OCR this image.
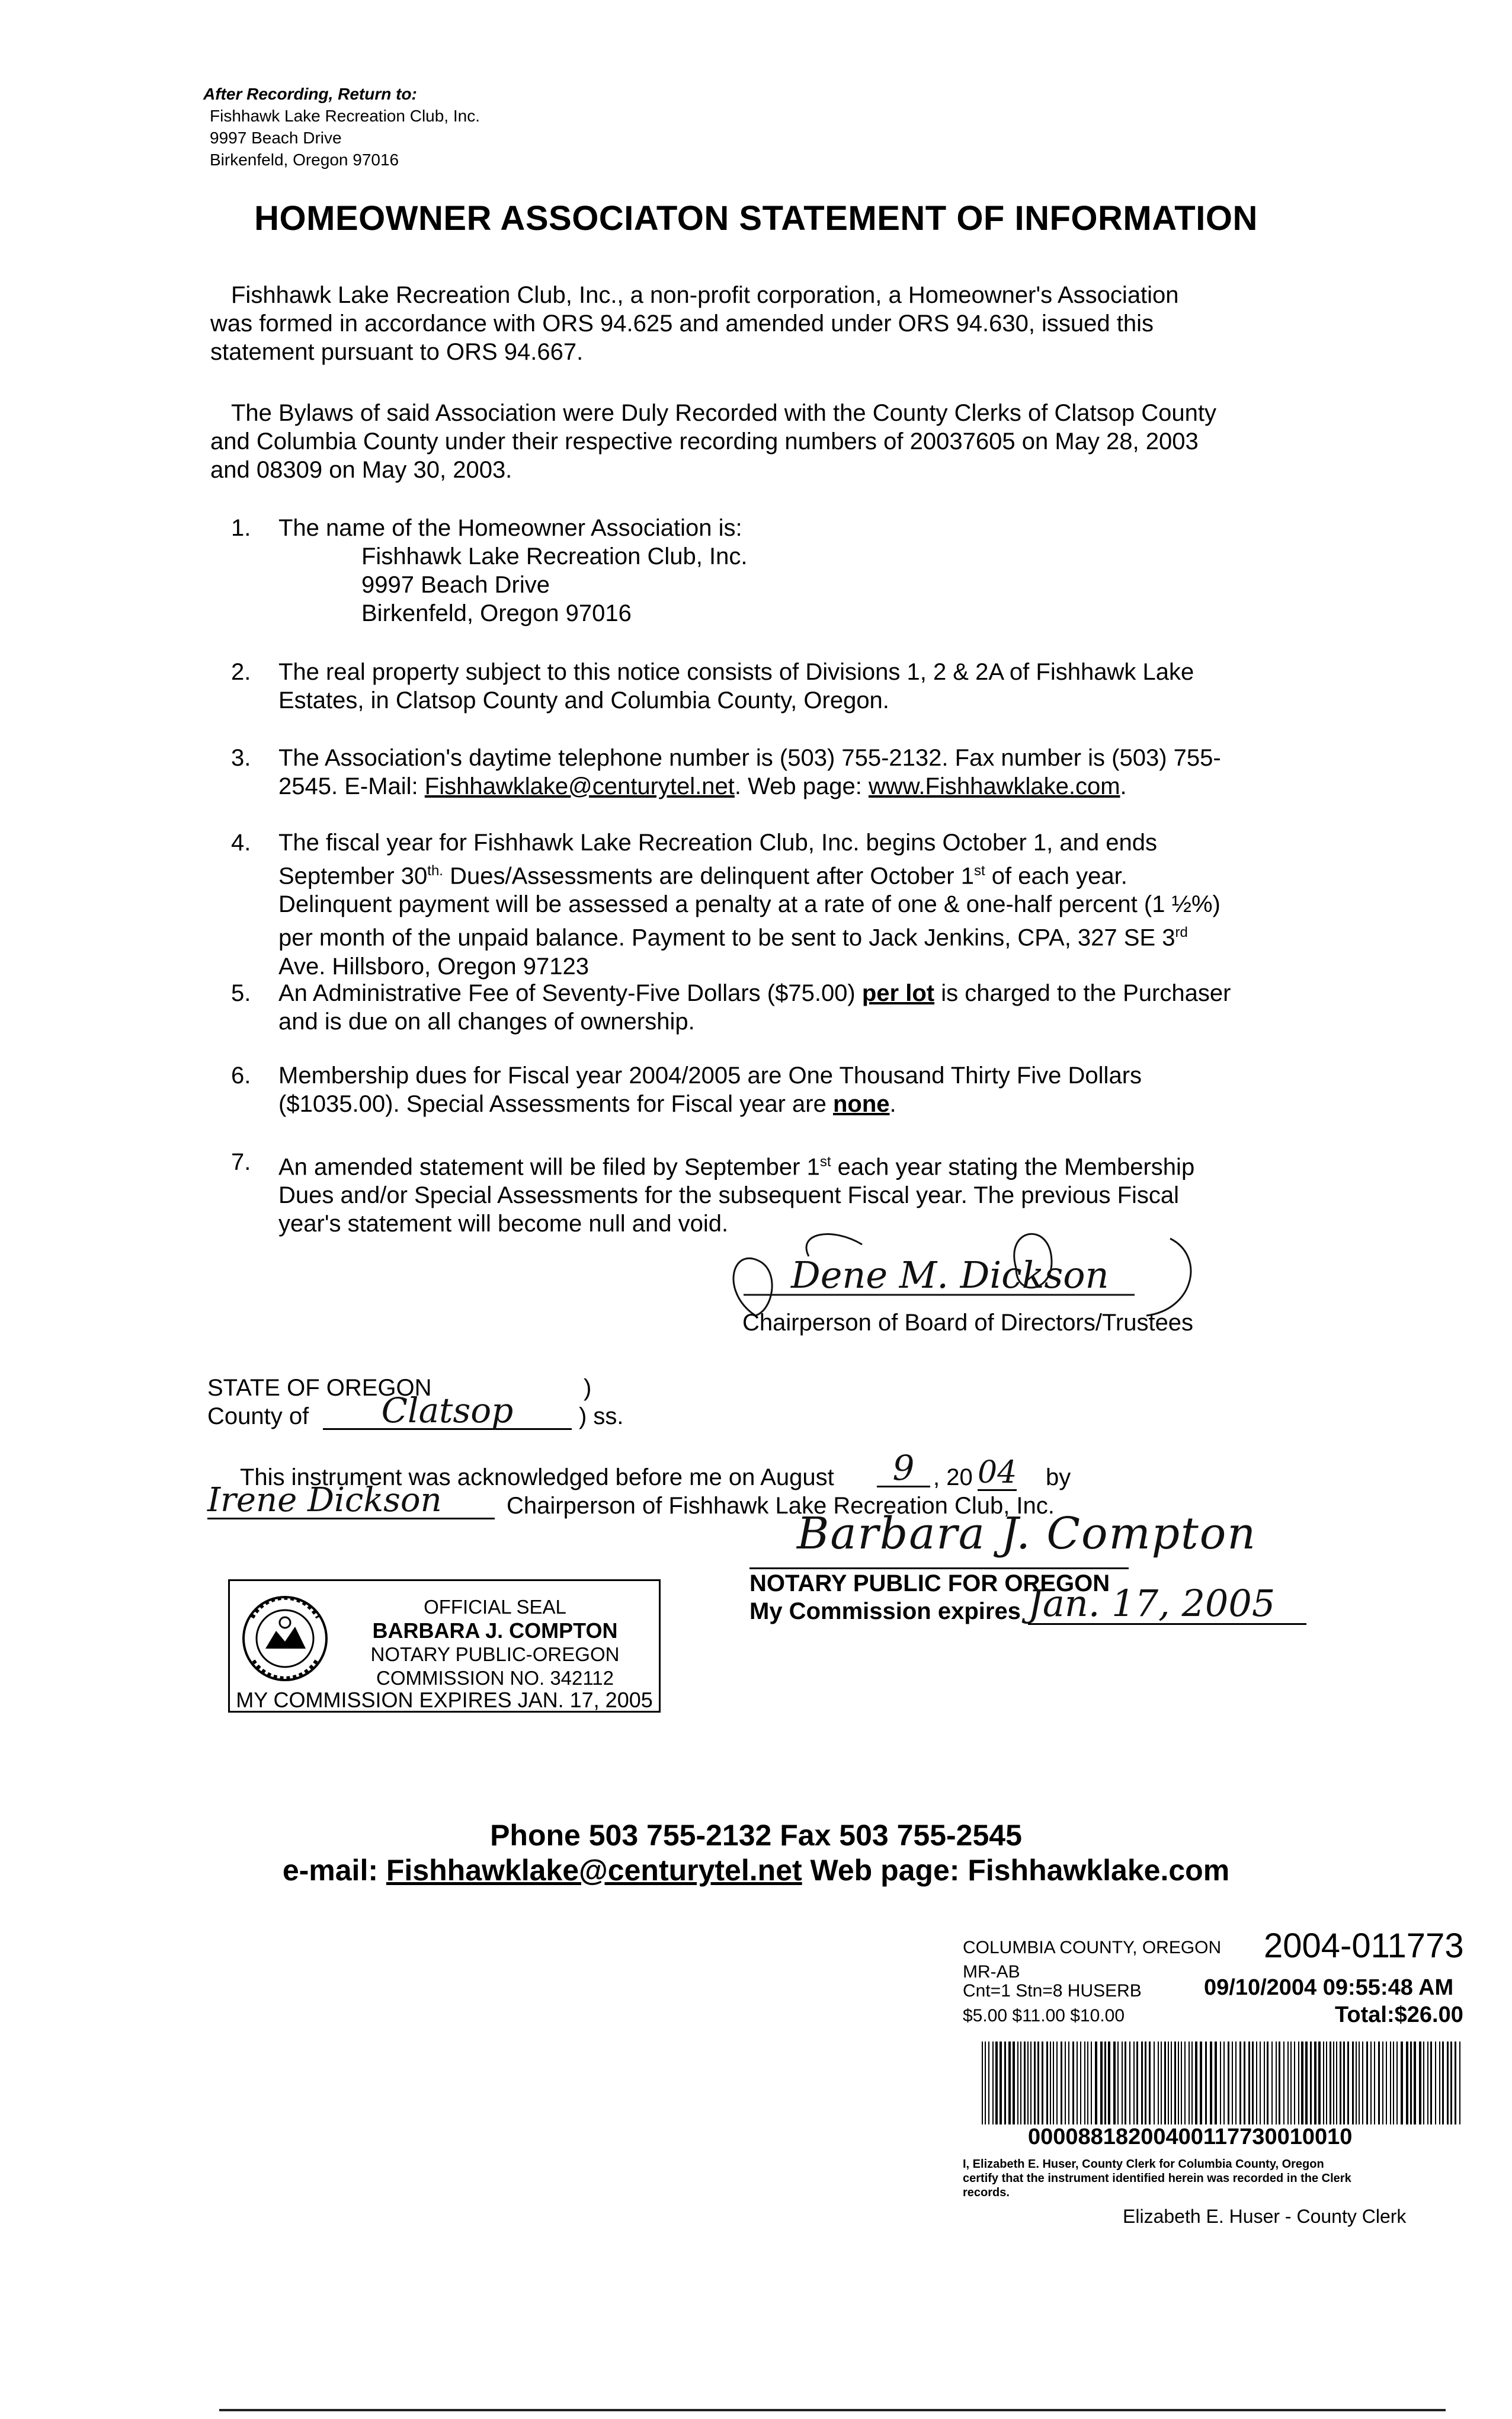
After Recording, Return to:
Fishhawk Lake Recreation Club, Inc.
9997 Beach Drive
Birkenfeld, Oregon 97016
HOMEOWNER ASSOCIATON STATEMENT OF INFORMATION
Fishhawk Lake Recreation Club, Inc., a non-profit corporation, a Homeowner's Association
was formed in accordance with ORS 94.625 and amended under ORS 94.630, issued this
statement pursuant to ORS 94.667.
The Bylaws of said Association were Duly Recorded with the County Clerks of Clatsop County
and Columbia County under their respective recording numbers of 20037605 on May 28, 2003
and 08309 on May 30, 2003.
1. The name of the Homeowner Association is:
Fishhawk Lake Recreation Club, Inc.
9997 Beach Drive
Birkenfeld, Oregon 97016
2. The real property subject to this notice consists of Divisions 1, 2 & 2A of Fishhawk Lake
Estates, in Clatsop County and Columbia County, Oregon.
3. The Association's daytime telephone number is (503) 755-2132. Fax number is (503) 755-
2545. E-Mail: Fishhawklake@centurytel.net. Web page: www.Fishhawklake.com.
4. The fiscal year for Fishhawk Lake Recreation Club, Inc. begins October 1, and ends
September $30^{th.}$ Dues/Assessments are delinquent after October 1st of each year.
Delinquent payment will be assessed a penalty at a rate of one & one-half percent (1 ½%)
per month of the unpaid balance. Payment to be sent to Jack Jenkins, CPA, 327 SE 3rd
Ave. Hillsboro, Oregon 97123
5. An Administrative Fee of Seventy-Five Dollars ($75.00) per lot is charged to the Purchaser
and is due on all changes of ownership.
6. Membership dues for Fiscal year 2004/2005 are One Thousand Thirty Five Dollars
($1035.00). Special Assessments for Fiscal year are none.
7. An amended statement will be filed by September 1st each year stating the Membership
Dues and/or Special Assessments for the subsequent Fiscal year. The previous Fiscal
year's statement will become null and void.
Dene M. Dickson
Chairperson of Board of Directors/Trustees
STATE OF OREGON	)
County of	Clatsop	) ss.
This instrument was acknowledged before me on August	9 , 20 04 by
Irene Dickson	Chairperson of Fishhawk Lake Recreation Club, Inc.
OFFICIAL SEAL
BARBARA J. COMPTON
NOTARY PUBLIC-OREGON
COMMISSION NO. 342112
MY COMMISSION EXPIRES JAN. 17, 2005
Barbara J. Compton
NOTARY PUBLIC FOR OREGON
My Commission expires Jan. 17, 2005
Phone 503 755-2132 Fax 503 755-2545
e-mail: Fishhawklake@centurytel.net Web page: Fishhawklake.com
COLUMBIA COUNTY, OREGON 2004-011773
MR-AB
Cnt=1 Stn=8 HUSERB	09/10/2004 09:55:48 AM
$5.00 $11.00 $10.00	Total:$26.00
00008818200400117730010010
I, Elizabeth E. Huser, County Clerk for Columbia County, Oregon
certify that the instrument identified herein was recorded in the Clerk
records.
Elizabeth E. Huser - County Clerk
